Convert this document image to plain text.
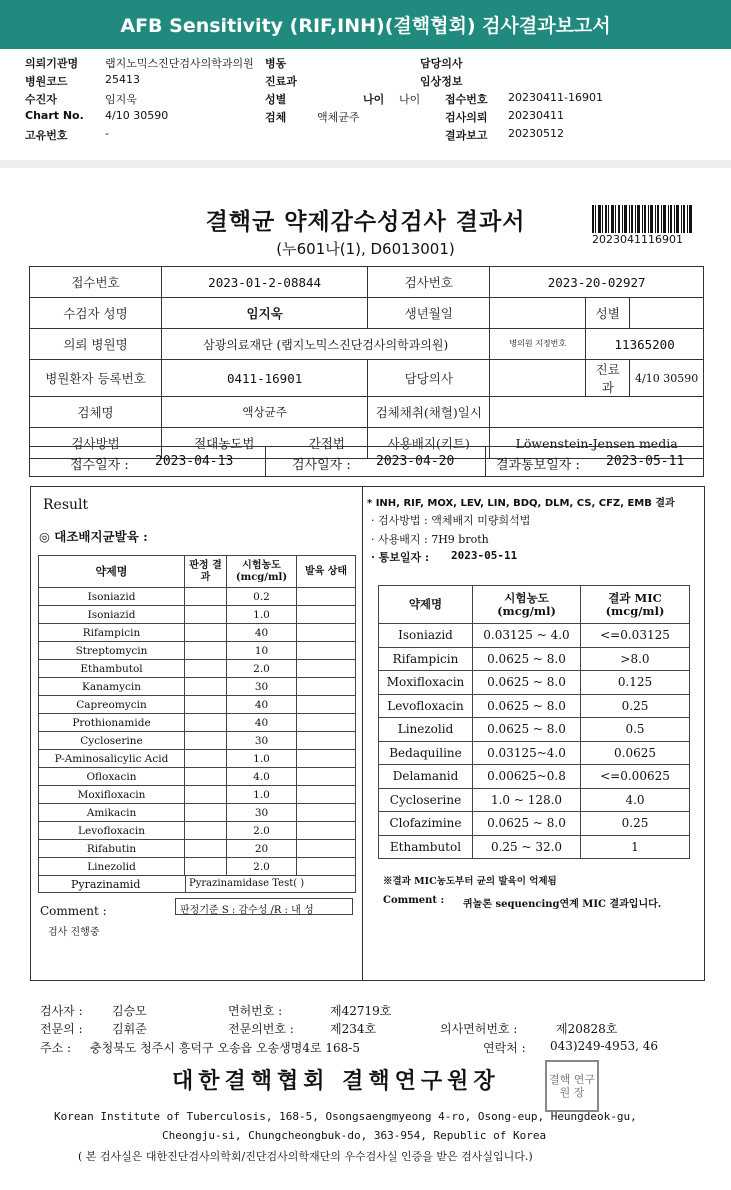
AFB Sensitivity (RIF,INH)(결핵협회) 검사결과보고서
의뢰기관명 랩지노믹스진단검사의학과의원 병동	담당의사
병원코드	25413	진료과	임상정보
수진자	임지욱	성별	나이 나이 접수번호 20230411-16901
Chart No. 4/10 30590	검체	액체균주	검사의뢰 20230411
고유번호	-	결과보고 20230512
결핵균 약제감수성검사 결과서
(누601나(1), D6013001)
2023041116901
접수번호	2023-01-2-08844		검사번호	2023-20-02927		
수검자 성명	임지욱		생년월일		성별	
의뢰 병원명	삼광의료재단 (랩지노믹스진단검사의학과의원)			병의원 지정번호	11365200	
병원환자 등록번호	0411-16901		담당의사		진료과	4/10 30590
검체명	액상균주		검체채취(채혈)일시			
검사방법	절대농도법	간접법	사용배지(키트)	Löwenstein-Jensen media		
접수일자 : 2023-04-13	검사일자 : 2023-04-20	결과통보일자 : 2023-05-11
Result
◎ 대조배지균발육 :
약제명	판정 결과	시험농도 (mcg/ml)	발육 상태
Isoniazid		0.2	
Isoniazid		1.0	
Rifampicin		40	
Streptomycin		10	
Ethambutol		2.0	
Kanamycin		30	
Capreomycin		40	
Prothionamide		40	
Cycloserine		30	
P-Aminosalicylic Acid		1.0	
Ofloxacin		4.0	
Moxifloxacin		1.0	
Amikacin		30	
Levofloxacin		2.0	
Rifabutin		20	
Linezolid		2.0	
Pyrazinamid	Pyrazinamidase Test( )
판정기준 S : 감수성 /R : 내 성
Comment :
검사 진행중
* INH, RIF, MOX, LEV, LIN, BDQ, DLM, CS, CFZ, EMB 결과
· 검사방법 : 액체배지 미량희석법
· 사용배지 : 7H9 broth
· 통보일자 : 2023-05-11
약제명	시험농도 (mcg/ml)	결과 MIC (mcg/ml)
Isoniazid	0.03125 ~ 4.0	<=0.03125
Rifampicin	0.0625 ~ 8.0	>8.0
Moxifloxacin	0.0625 ~ 8.0	0.125
Levofloxacin	0.0625 ~ 8.0	0.25
Linezolid	0.0625 ~ 8.0	0.5
Bedaquiline	0.03125~4.0	0.0625
Delamanid	0.00625~0.8	<=0.00625
Cycloserine	1.0 ~ 128.0	4.0
Clofazimine	0.0625 ~ 8.0	0.25
Ethambutol	0.25 ~ 32.0	1
※결과 MIC농도부터 균의 발육이 억제됨
Comment : 퀴놀론 sequencing연계 MIC 결과입니다.
검사자 : 김승모	면허번호 :	제42719호
전문의 : 김휘준	전문의번호 :	제234호	의사면허번호 :	제20828호
주소 : 충청북도 청주시 흥덕구 오송읍 오송생명4로 168-5	연락처 : 043)249-4953, 46
대한결핵협회 결핵연구원장	결핵 연구원 장
Korean Institute of Tuberculosis, 168-5, Osongsaengmyeong 4-ro, Osong-eup, Heungdeok-gu,
Cheongju-si, Chungcheongbuk-do, 363-954, Republic of Korea
( 본 검사실은 대한진단검사의학회/진단검사의학재단의 우수검사실 인증을 받은 검사실입니다.)
